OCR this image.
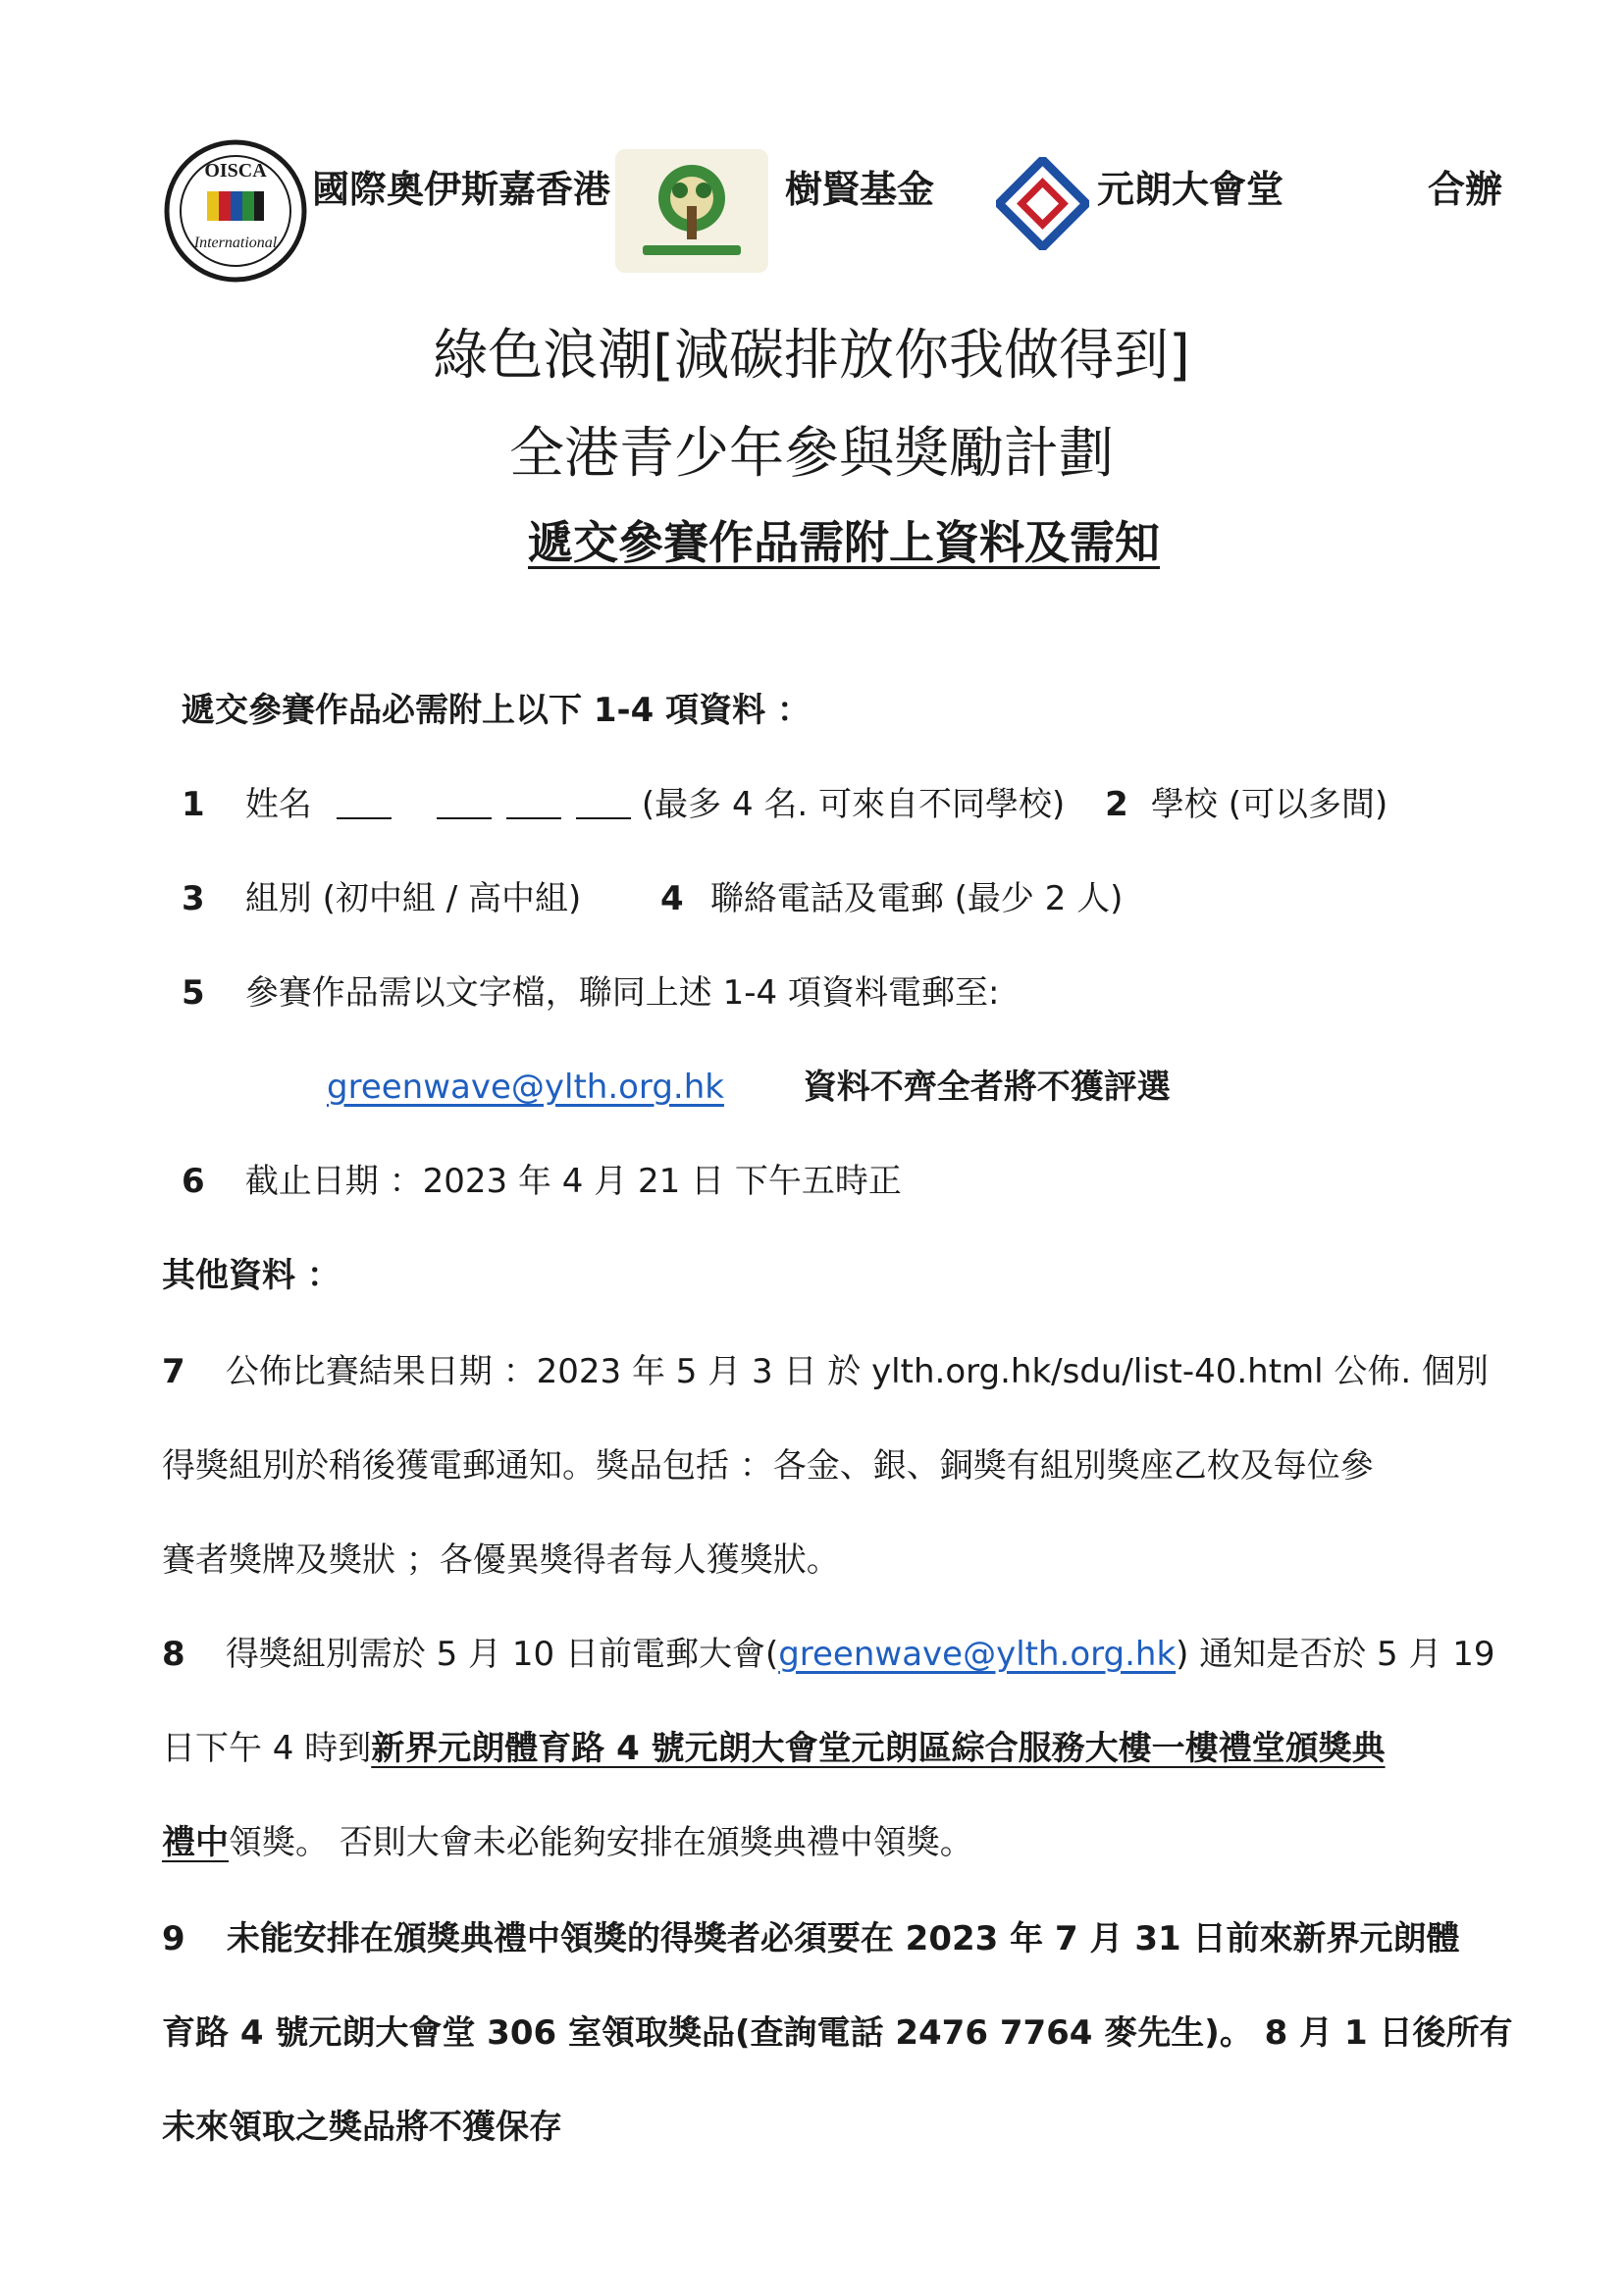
OISCA
International
國際奧伊斯嘉香港	樹賢基金	元朗大會堂	合辦
綠色浪潮[減碳排放你我做得到]
全港青少年參與獎勵計劃
遞交參賽作品需附上資料及需知
遞交參賽作品必需附上以下 1-4 項資料 ：
1 姓名	(最多 4 名. 可來自不同學校) 2 學校 (可以多間)
3 組別 (初中組 / 高中組) 4 聯絡電話及電郵 (最少 2 人)
5 參賽作品需以文字檔，聯同上述 1-4 項資料電郵至:
greenwave@ylth.org.hk 資料不齊全者將不獲評選
6 截止日期 ：2023 年 4 月 21 日 下午五時正
其他資料 ：
7 公佈比賽結果日期 ：2023 年 5 月 3 日 於 ylth.org.hk/sdu/list-40.html 公佈. 個別
得獎組別於稍後獲電郵通知。獎品包括 ：各金、銀、銅獎有組別獎座乙枚及每位參
賽者獎牌及獎狀 ；各優異獎得者每人獲獎狀。
8 得獎組別需於 5 月 10 日前電郵大會(greenwave@ylth.org.hk) 通知是否於 5 月 19
日下午 4 時到新界元朗體育路 4 號元朗大會堂元朗區綜合服務大樓一樓禮堂頒獎典
禮中領獎。 否則大會未必能夠安排在頒獎典禮中領獎。
9 未能安排在頒獎典禮中領獎的得獎者必須要在 2023 年 7 月 31 日前來新界元朗體
育路 4 號元朗大會堂 306 室領取獎品(查詢電話 2476 7764 麥先生)。 8 月 1 日後所有
未來領取之獎品將不獲保存
